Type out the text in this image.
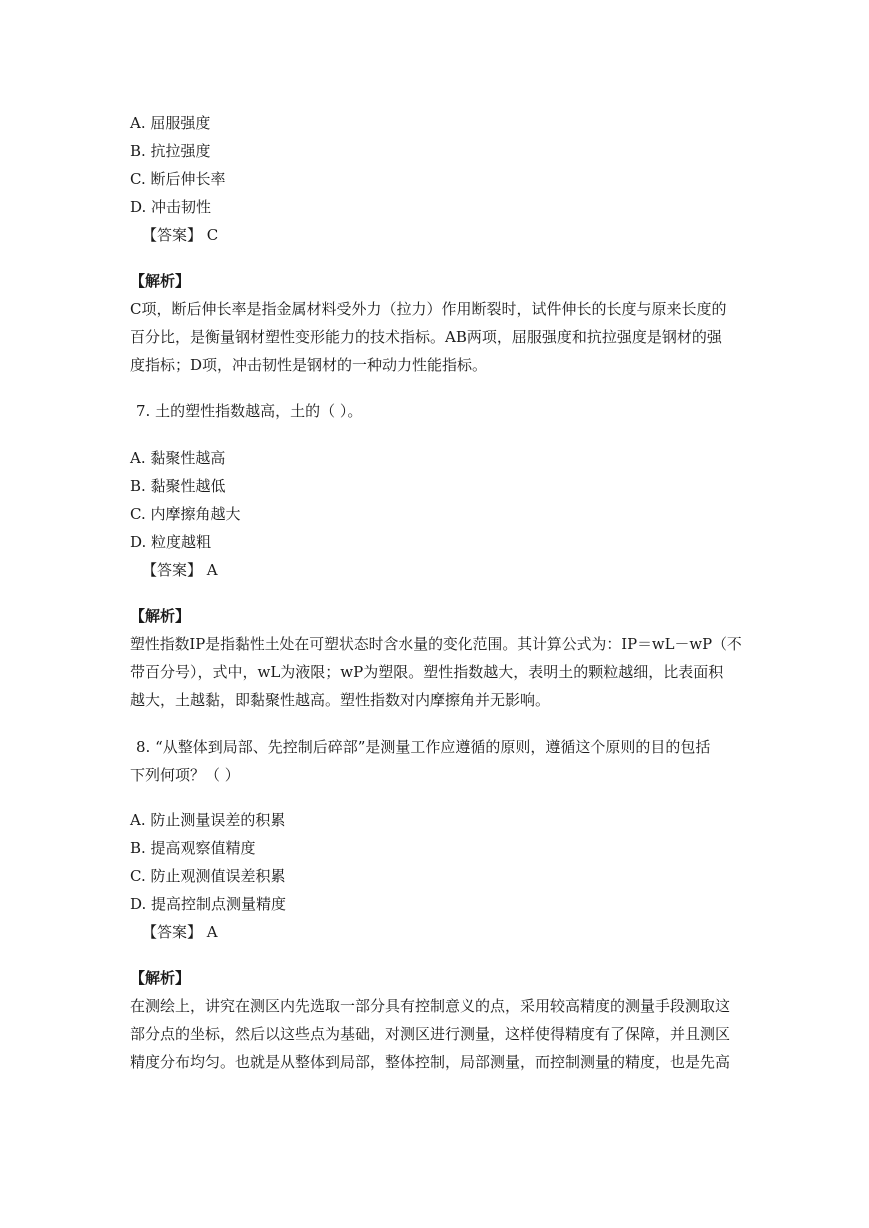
A. 屈服强度
B. 抗拉强度
C. 断后伸长率
D. 冲击韧性
【答案】 C
【解析】
C项，断后伸长率是指金属材料受外力（拉力）作用断裂时，试件伸长的长度与原来长度的
百分比，是衡量钢材塑性变形能力的技术指标。AB两项，屈服强度和抗拉强度是钢材的强
度指标；D项，冲击韧性是钢材的一种动力性能指标。
7. 土的塑性指数越高，土的（ ）。
A. 黏聚性越高
B. 黏聚性越低
C. 内摩擦角越大
D. 粒度越粗
【答案】 A
【解析】
塑性指数IP是指黏性土处在可塑状态时含水量的变化范围。其计算公式为：IP＝wL－wP（不
带百分号），式中，wL为液限；wP为塑限。塑性指数越大，表明土的颗粒越细，比表面积
越大，土越黏，即黏聚性越高。塑性指数对内摩擦角并无影响。
8. “从整体到局部、先控制后碎部”是测量工作应遵循的原则，遵循这个原则的目的包括
下列何项？（ ）
A. 防止测量误差的积累
B. 提高观察值精度
C. 防止观测值误差积累
D. 提高控制点测量精度
【答案】 A
【解析】
在测绘上，讲究在测区内先选取一部分具有控制意义的点，采用较高精度的测量手段测取这
部分点的坐标，然后以这些点为基础，对测区进行测量，这样使得精度有了保障，并且测区
精度分布均匀。也就是从整体到局部，整体控制，局部测量，而控制测量的精度，也是先高
